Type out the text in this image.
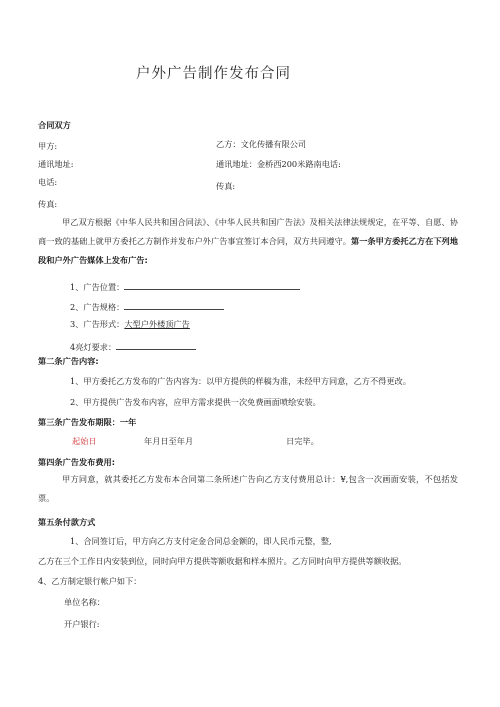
户外广告制作发布合同
合同双方
甲方:	乙方：文化传播有限公司
通讯地址:	通讯地址：金桥西200米路南电话:
电话:	传真:
传真:
甲乙双方根据《中华人民共和国合同法》、《中华人民共和国广告法》及相关法律法规规定，在平等、自愿、协商一致的基础上就甲方委托乙方制作并发布户外广告事宜签订本合同，双方共同遵守。第一条甲方委托乙方在下列地段和户外广告媒体上发布广告:
1、广告位置：
2、广告规格：
3、广告形式：大型户外楼顶广告
4亮灯要求：
第二条广告内容:
1、甲方委托乙方发布的广告内容为：以甲方提供的样稿为准，未经甲方同意，乙方不得更改。
2、甲方提供广告发布内容，应甲方需求提供一次免费画面喷绘安装。
第三条广告发布期限：一年
起始日	年月日至年月	日完毕。
第四条广告发布费用:
甲方同意，就其委托乙方发布本合同第二条所述广告向乙方支付费用总计：¥,包含一次画面安装，不包括发票。
第五条付款方式
1、合同签订后，甲方向乙方支付定金合同总金额的，即人民币元整，整,
乙方在三个工作日内安装到位，同时向甲方提供等额收据和样本照片。乙方同时向甲方提供等额收据。
4、乙方制定银行帐户如下：
单位名称：
开户银行:
